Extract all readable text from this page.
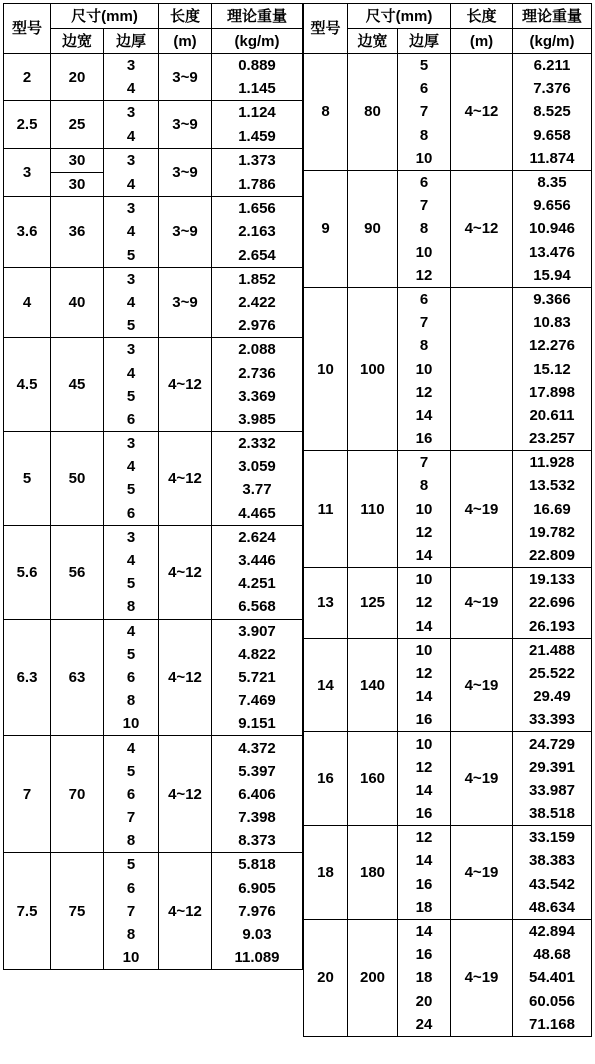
型号	尺寸(mm)		长度	理论重量
	边宽	边厚	(m)	(kg/m)
2	20	3	3~9	0.889
		4		1.145
2.5	25	3	3~9	1.124
		4		1.459
3	30	3	3~9	1.373
	30	4		1.786
3.6	36	3	3~9	1.656
		4		2.163
		5		2.654
4	40	3	3~9	1.852
		4		2.422
		5		2.976
4.5	45	3	4~12	2.088
		4		2.736
		5		3.369
		6		3.985
5	50	3	4~12	2.332
		4		3.059
		5		3.77
		6		4.465
5.6	56	3	4~12	2.624
		4		3.446
		5		4.251
		8		6.568
6.3	63	4	4~12	3.907
		5		4.822
		6		5.721
		8		7.469
		10		9.151
7	70	4	4~12	4.372
		5		5.397
		6		6.406
		7		7.398
		8		8.373
7.5	75	5	4~12	5.818
		6		6.905
		7		7.976
		8		9.03
		10		11.089
型号	尺寸(mm)		长度	理论重量
	边宽	边厚	(m)	(kg/m)
8	80	5	4~12	6.211
		6		7.376
		7		8.525
		8		9.658
		10		11.874
9	90	6	4~12	8.35
		7		9.656
		8		10.946
		10		13.476
		12		15.94
10	100	6		9.366
		7		10.83
		8		12.276
		10		15.12
		12		17.898
		14		20.611
		16		23.257
11	110	7	4~19	11.928
		8		13.532
		10		16.69
		12		19.782
		14		22.809
13	125	10	4~19	19.133
		12		22.696
		14		26.193
14	140	10	4~19	21.488
		12		25.522
		14		29.49
		16		33.393
16	160	10	4~19	24.729
		12		29.391
		14		33.987
		16		38.518
18	180	12	4~19	33.159
		14		38.383
		16		43.542
		18		48.634
20	200	14	4~19	42.894
		16		48.68
		18		54.401
		20		60.056
		24		71.168
